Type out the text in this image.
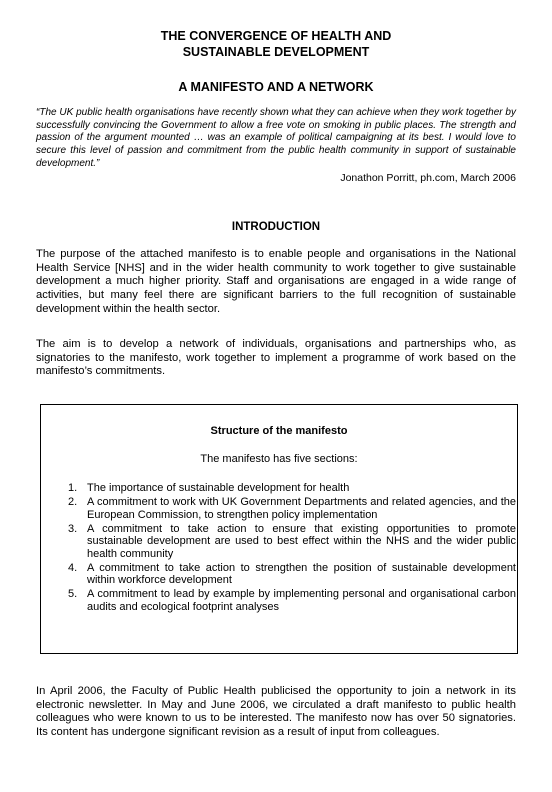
THE CONVERGENCE OF HEALTH AND

SUSTAINABLE DEVELOPMENT

A MANIFESTO AND A NETWORK

“The UK public health organisations have recently shown what they can achieve when they work together by successfully convincing the Government to allow a free vote on smoking in public places. The strength and passion of the argument mounted … was an example of political campaigning at its best. I would love to secure this level of passion and commitment from the public health community in support of sustainable development.”

Jonathon Porritt, ph.com, March 2006

INTRODUCTION

The purpose of the attached manifesto is to enable people and organisations in the National Health Service [NHS] and in the wider health community to work together to give sustainable development a much higher priority. Staff and organisations are engaged in a wide range of activities, but many feel there are significant barriers to the full recognition of sustainable development within the health sector.

The aim is to develop a network of individuals, organisations and partnerships who, as signatories to the manifesto, work together to implement a programme of work based on the manifesto’s commitments.

Structure of the manifesto

The manifesto has five sections:

1. The importance of sustainable development for health
2. A commitment to work with UK Government Departments and related agencies, and the European Commission, to strengthen policy implementation
3. A commitment to take action to ensure that existing opportunities to promote sustainable development are used to best effect within the NHS and the wider public health community
4. A commitment to take action to strengthen the position of sustainable development within workforce development
5. A commitment to lead by example by implementing personal and organisational carbon audits and ecological footprint analyses

In April 2006, the Faculty of Public Health publicised the opportunity to join a network in its electronic newsletter. In May and June 2006, we circulated a draft manifesto to public health colleagues who were known to us to be interested. The manifesto now has over 50 signatories. Its content has undergone significant revision as a result of input from colleagues.
